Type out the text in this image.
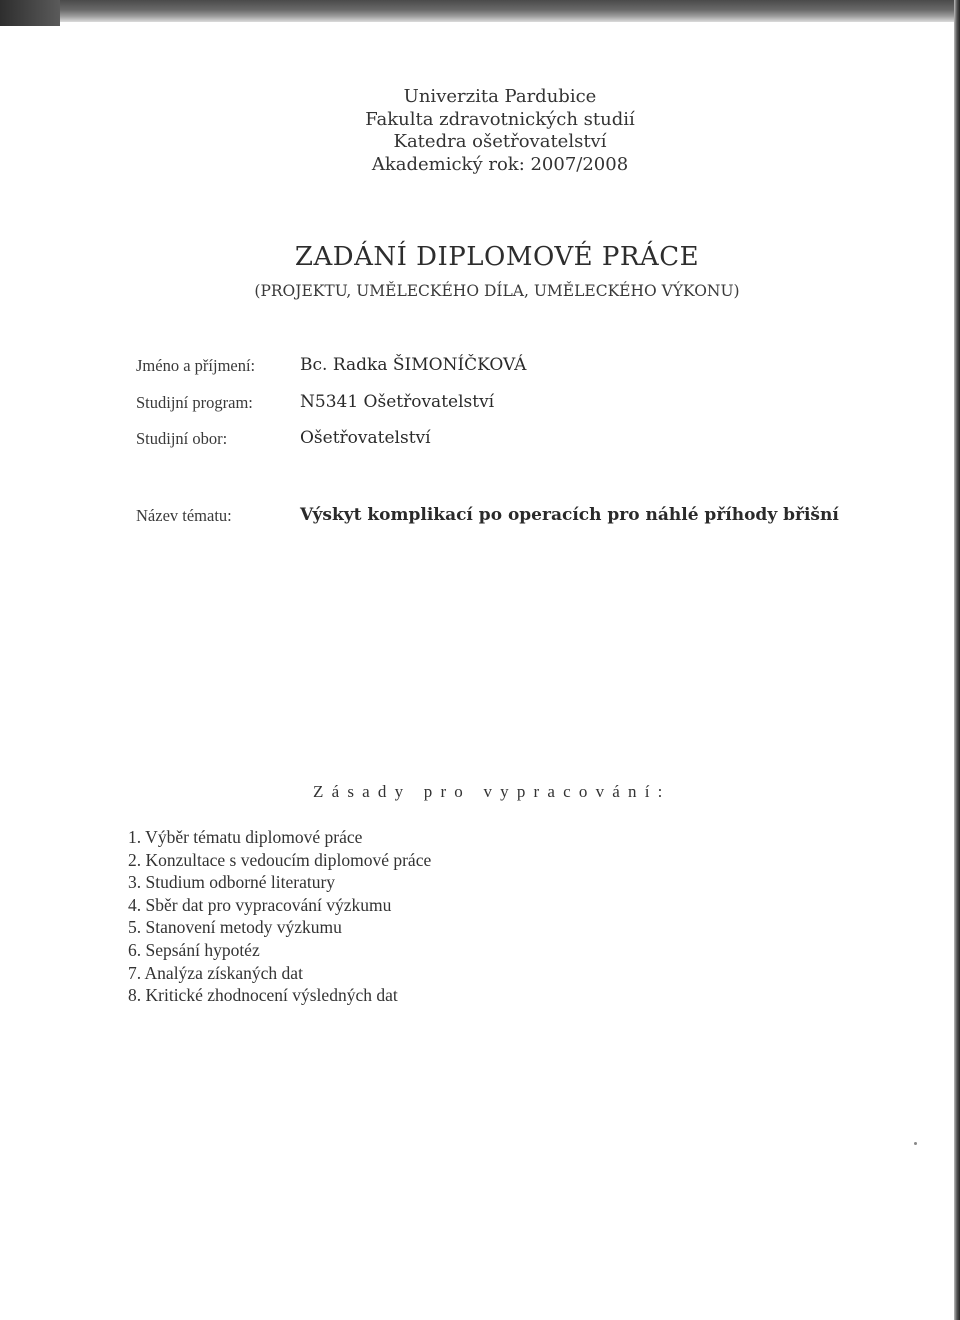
Univerzita Pardubice
Fakulta zdravotnických studií
Katedra ošetřovatelství
Akademický rok: 2007/2008
ZADÁNÍ DIPLOMOVÉ PRÁCE
(PROJEKTU, UMĚLECKÉHO DÍLA, UMĚLECKÉHO VÝKONU)
Jméno a příjmení:	Bc. Radka ŠIMONÍČKOVÁ
Studijní program:	N5341 Ošetřovatelství
Studijní obor:	Ošetřovatelství
Název tématu:	Výskyt komplikací po operacích pro náhlé příhody břišní
Zásady pro vypracování:
1. Výběr tématu diplomové práce
2. Konzultace s vedoucím diplomové práce
3. Studium odborné literatury
4. Sběr dat pro vypracování výzkumu
5. Stanovení metody výzkumu
6. Sepsání hypotéz
7. Analýza získaných dat
8. Kritické zhodnocení výsledných dat
